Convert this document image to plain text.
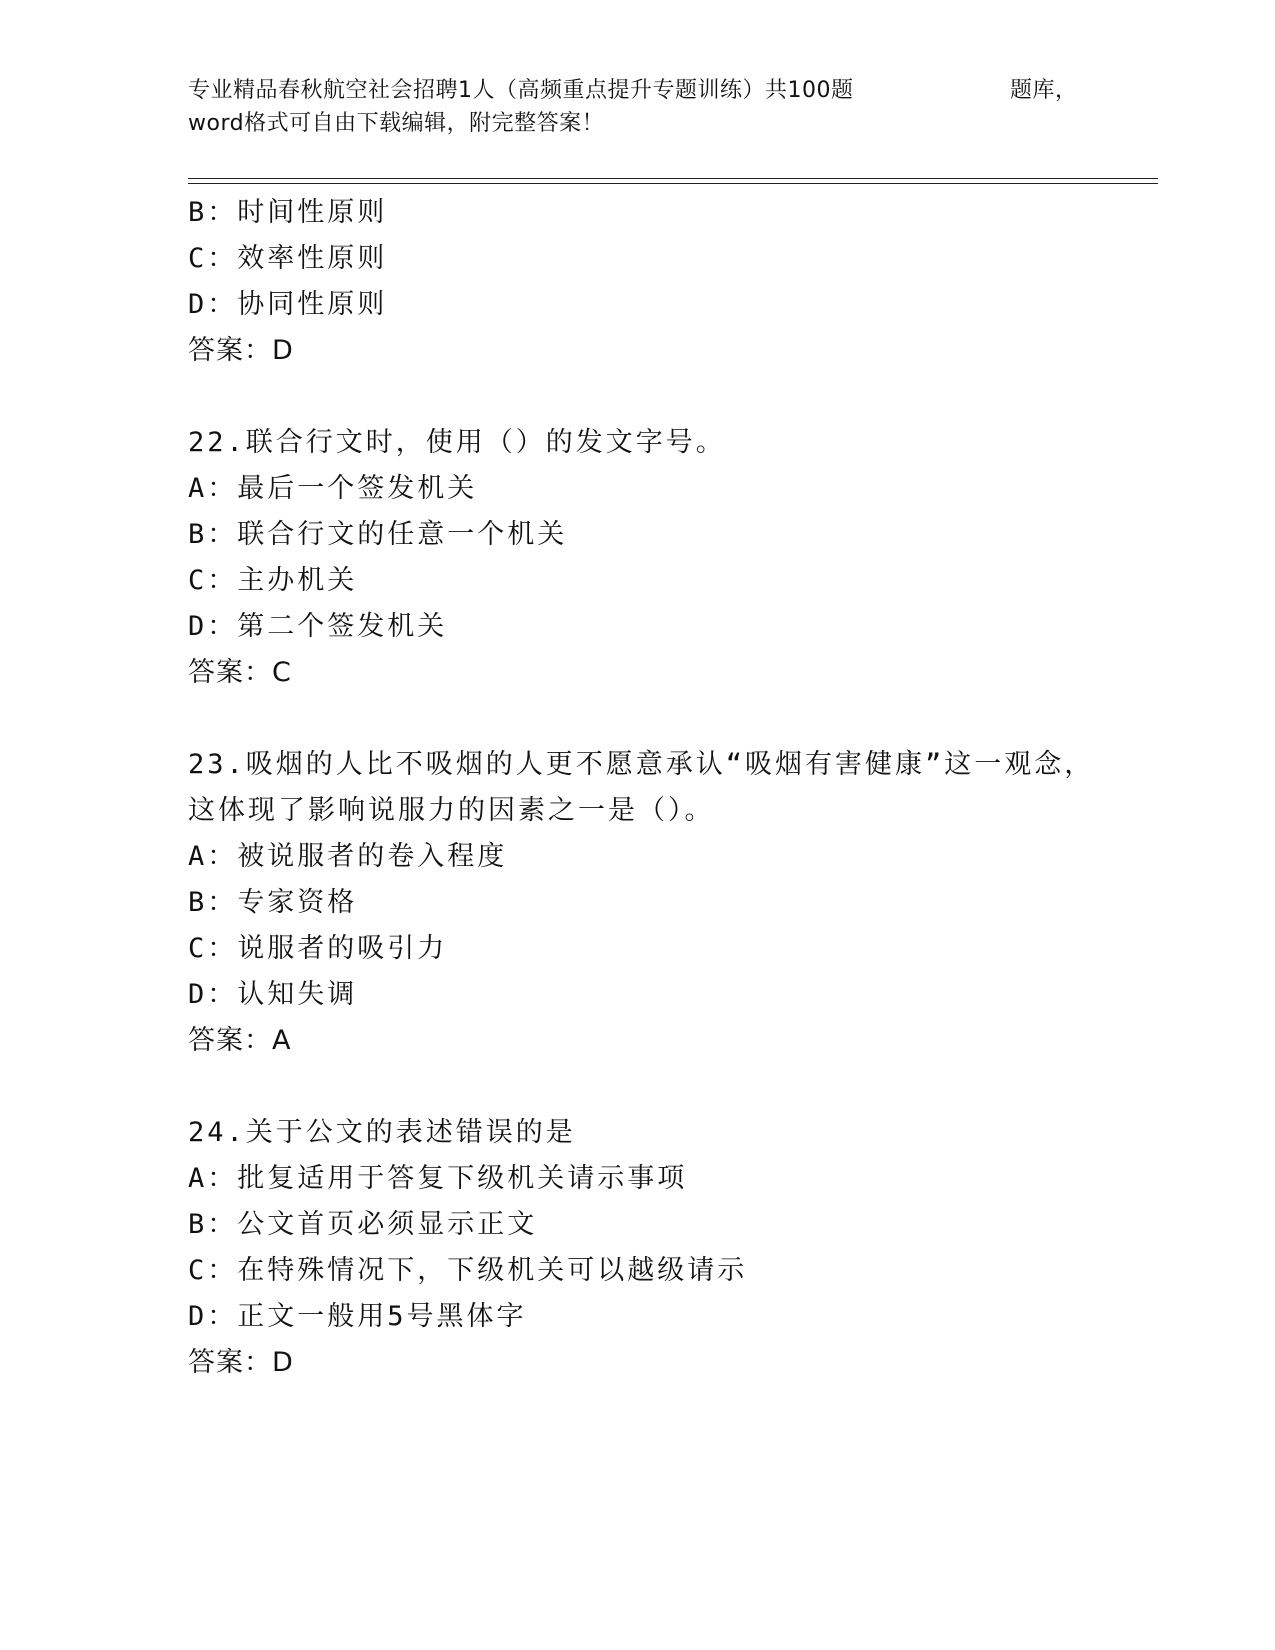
专业精品春秋航空社会招聘1人（高频重点提升专题训练）共100题	题库，
word格式可自由下载编辑，附完整答案！
B：时间性原则
C：效率性原则
D：协同性原则
答案：D
22.联合行文时，使用（）的发文字号。
A：最后一个签发机关
B：联合行文的任意一个机关
C：主办机关
D：第二个签发机关
答案：C
23.吸烟的人比不吸烟的人更不愿意承认“吸烟有害健康”这一观念，
这体现了影响说服力的因素之一是（）。
A：被说服者的卷入程度
B：专家资格
C：说服者的吸引力
D：认知失调
答案：A
24.关于公文的表述错误的是
A：批复适用于答复下级机关请示事项
B：公文首页必须显示正文
C：在特殊情况下，下级机关可以越级请示
D：正文一般用5号黑体字
答案：D
